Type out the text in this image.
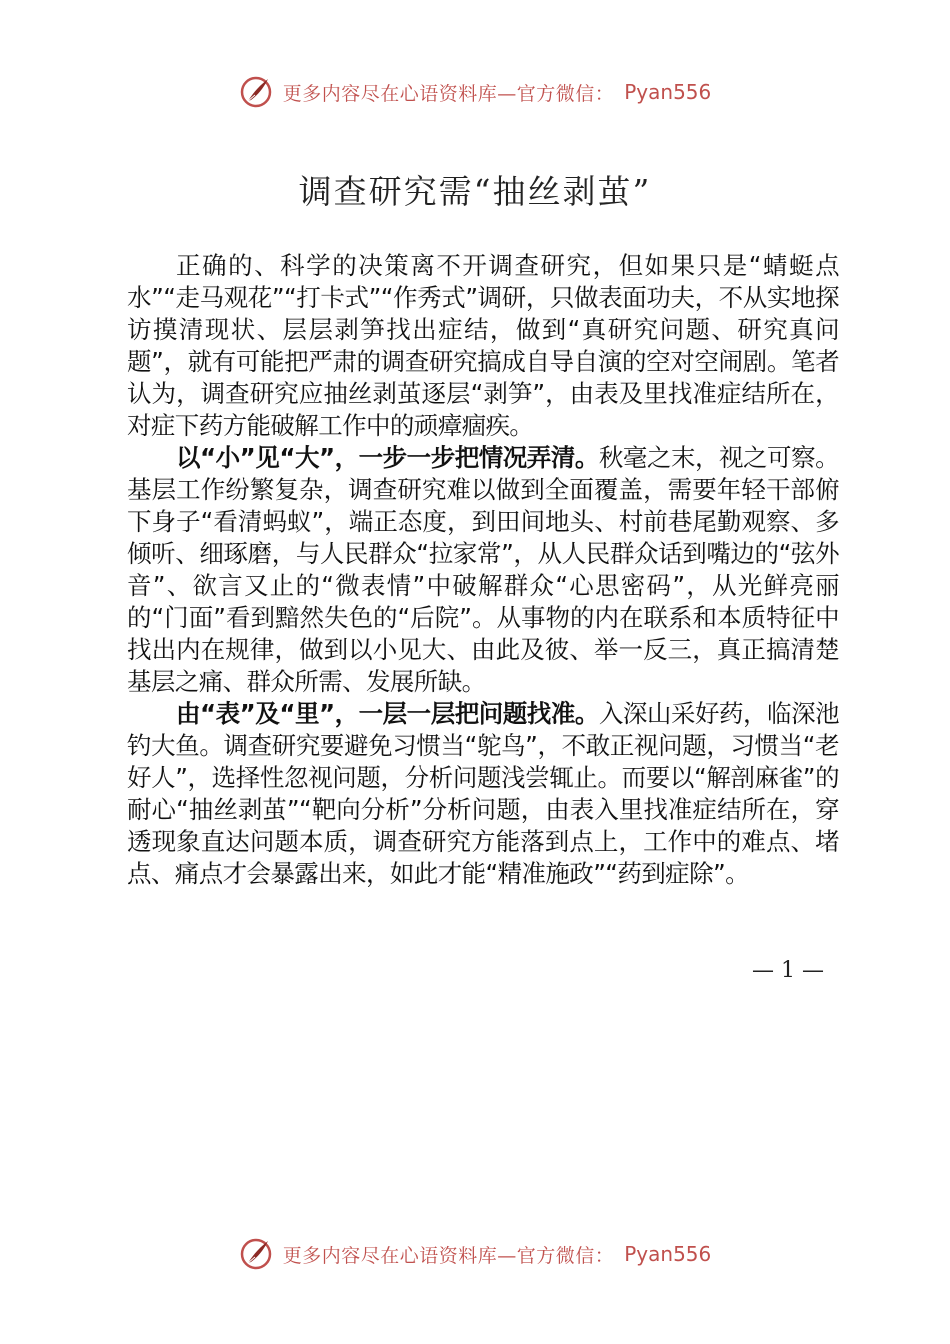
更多内容尽在心语资料库—官方微信： Pyan556
调查研究需“抽丝剥茧”

正确的、科学的决策离不开调查研究，但如果只是“蜻蜓点水”“走马观花”“打卡式”“作秀式”调研，只做表面功夫，不从实地探访摸清现状、层层剥笋找出症结，做到“真研究问题、研究真问题”，就有可能把严肃的调查研究搞成自导自演的空对空闹剧。笔者认为，调查研究应抽丝剥茧逐层“剥笋”，由表及里找准症结所在，对症下药方能破解工作中的顽瘴痼疾。

以“小”见“大”，一步一步把情况弄清。秋毫之末，视之可察。基层工作纷繁复杂，调查研究难以做到全面覆盖，需要年轻干部俯下身子“看清蚂蚁”，端正态度，到田间地头、村前巷尾勤观察、多倾听、细琢磨，与人民群众“拉家常”，从人民群众话到嘴边的“弦外音”、欲言又止的“微表情”中破解群众“心思密码”，从光鲜亮丽的“门面”看到黯然失色的“后院”。从事物的内在联系和本质特征中找出内在规律，做到以小见大、由此及彼、举一反三，真正搞清楚基层之痛、群众所需、发展所缺。

由“表”及“里”，一层一层把问题找准。入深山采好药，临深池钓大鱼。调查研究要避免习惯当“鸵鸟”，不敢正视问题，习惯当“老好人”，选择性忽视问题，分析问题浅尝辄止。而要以“解剖麻雀”的耐心“抽丝剥茧”“靶向分析”分析问题，由表入里找准症结所在，穿透现象直达问题本质，调查研究方能落到点上，工作中的难点、堵点、痛点才会暴露出来，如此才能“精准施政”“药到症除”。

— 1 —
更多内容尽在心语资料库—官方微信： Pyan556
